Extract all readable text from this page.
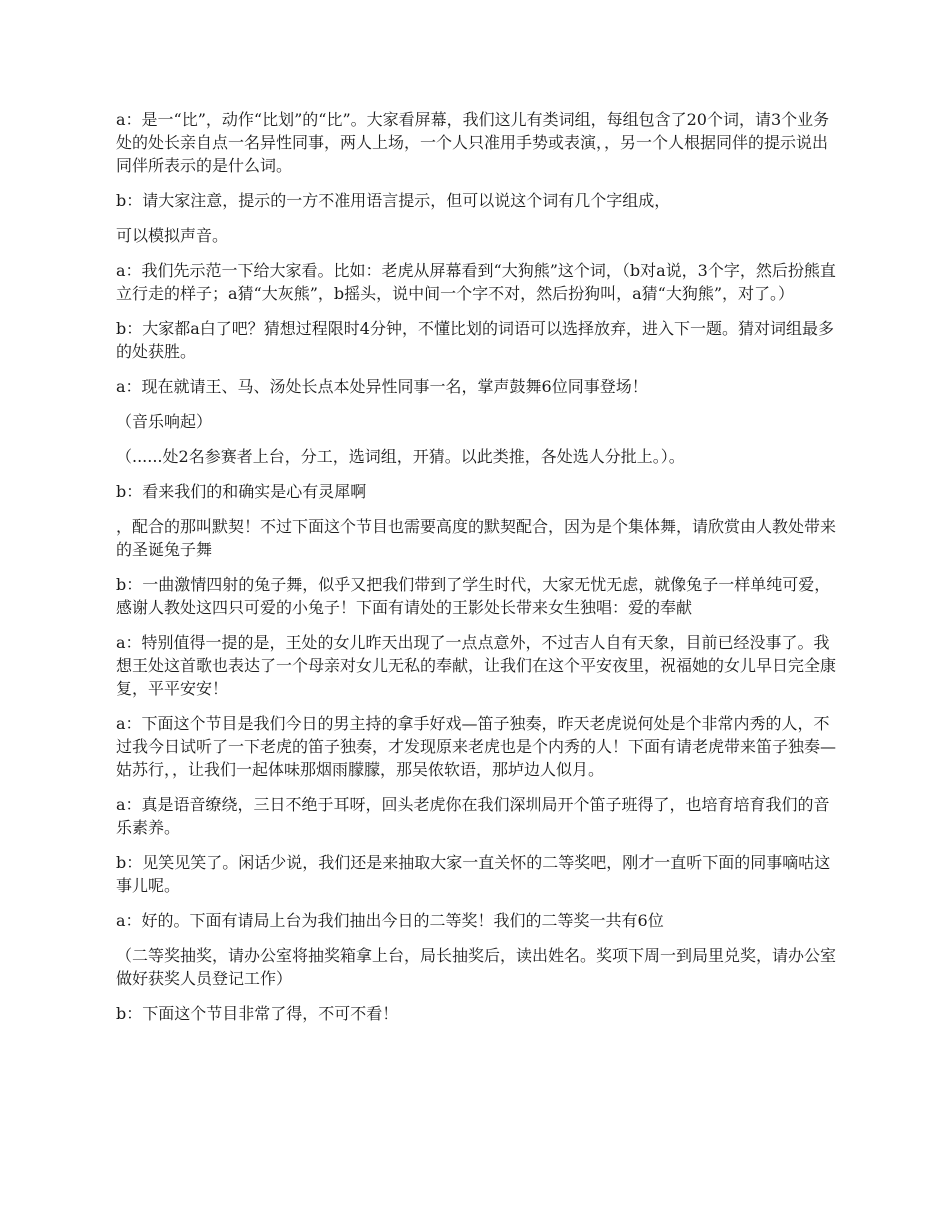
a：是一“比”，动作“比划”的“比”。大家看屏幕，我们这儿有类词组，每组包含了20个词，请3个业务处的处长亲自点一名异性同事，两人上场，一个人只准用手势或表演，，另一个人根据同伴的提示说出同伴所表示的是什么词。

b：请大家注意，提示的一方不准用语言提示，但可以说这个词有几个字组成，

可以模拟声音。

a：我们先示范一下给大家看。比如：老虎从屏幕看到“大狗熊”这个词，（b对a说，3个字，然后扮熊直立行走的样子；a猜“大灰熊”，b摇头，说中间一个字不对，然后扮狗叫，a猜“大狗熊”，对了。）

b：大家都a白了吧？猜想过程限时4分钟，不懂比划的词语可以选择放弃，进入下一题。猜对词组最多的处获胜。

a：现在就请王、马、汤处长点本处异性同事一名，掌声鼓舞6位同事登场！

（音乐响起）

（......处2名参赛者上台，分工，选词组，开猜。以此类推，各处选人分批上。）。

b：看来我们的和确实是心有灵犀啊

，配合的那叫默契！不过下面这个节目也需要高度的默契配合，因为是个集体舞，请欣赏由人教处带来的圣诞兔子舞

b：一曲激情四射的兔子舞，似乎又把我们带到了学生时代，大家无忧无虑，就像兔子一样单纯可爱，感谢人教处这四只可爱的小兔子！下面有请处的王影处长带来女生独唱：爱的奉献

a：特别值得一提的是，王处的女儿昨天出现了一点点意外，不过吉人自有天象，目前已经没事了。我想王处这首歌也表达了一个母亲对女儿无私的奉献，让我们在这个平安夜里，祝福她的女儿早日完全康复，平平安安！

a：下面这个节目是我们今日的男主持的拿手好戏—笛子独奏，昨天老虎说何处是个非常内秀的人，不过我今日试听了一下老虎的笛子独奏，才发现原来老虎也是个内秀的人！下面有请老虎带来笛子独奏—姑苏行，，让我们一起体味那烟雨朦朦，那吴侬软语，那垆边人似月。

a：真是语音缭绕，三日不绝于耳呀，回头老虎你在我们深圳局开个笛子班得了，也培育培育我们的音乐素养。

b：见笑见笑了。闲话少说，我们还是来抽取大家一直关怀的二等奖吧，刚才一直听下面的同事嘀咕这事儿呢。

a：好的。下面有请局上台为我们抽出今日的二等奖！我们的二等奖一共有6位

（二等奖抽奖，请办公室将抽奖箱拿上台，局长抽奖后，读出姓名。奖项下周一到局里兑奖，请办公室做好获奖人员登记工作）

b：下面这个节目非常了得，不可不看！
